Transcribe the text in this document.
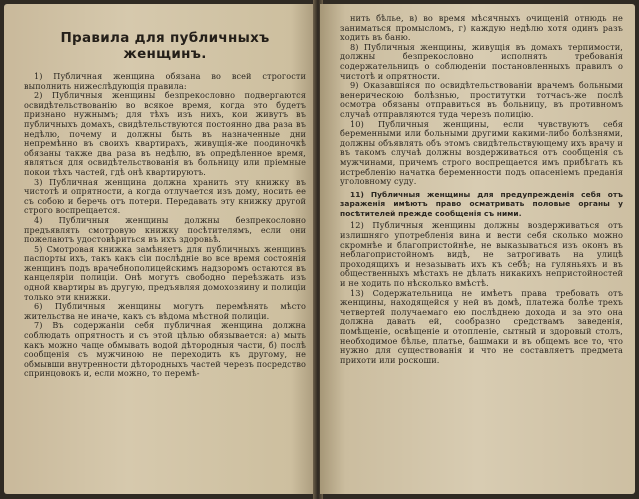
Правила для публичныхъ женщинъ.

1) Публичная женщина обязана во всей строгости выполнить нижеслѣдующія правила:

2) Публичныя женщины безпрекословно подвергаются освидѣтельствованію во всякое время, когда это будетъ признано нужнымъ; для тѣхъ изъ нихъ, кои живутъ въ публичныхъ домахъ, свидѣтельствуются постоянно два раза въ недѣлю, почему и должны быть въ назначенные дни непремѣнно въ своихъ квартирахъ, живущія-же поодиночкѣ обязаны также два раза въ недѣлю, въ опредѣленное время, являться для освидѣтельствованія въ больницу или пріемные покои тѣхъ частей, гдѣ онѣ квартируютъ.

3) Публичная женщина должна хранить эту книжку въ чистотѣ и опрятности, а когда отлучается изъ дому, носить ее съ собою и беречь отъ потери. Передавать эту книжку другой строго воспрещается.

4) Публичныя женщины должны безпрекословно предъявлять смотровую книжку посѣтителямъ, если они пожелаютъ удостовѣриться въ ихъ здоровьѣ.

5) Смотровая книжка замѣняетъ для публичныхъ женщинъ паспорты ихъ, такъ какъ сіи послѣдніе во все время состоянія женщинъ подъ врачебнополицейскимъ надзоромъ остаются въ канцеляріи полиціи. Онѣ могутъ свободно переѣзжать изъ одной квартиры въ другую, предъявляя домохозяину и полиціи только эти книжки.

6) Публичныя женщины могутъ перемѣнять мѣсто жительства не иначе, какъ съ вѣдома мѣстной полиціи.

7) Въ содержаніи себя публичная женщина должна соблюдать опрятность и съ этой цѣлью обязывается: а) мыть какъ можно чаще обмывать водой дѣтородныя части, б) послѣ сообщенія съ мужчиною не переходить къ другому, не обмывши внутренности дѣтородныхъ частей черезъ посредство спринцовокъ и, если можно, то перемѣ-

нить бѣлье, в) во время мѣсячныхъ очищеній отнюдь не заниматься промысломъ, г) каждую недѣлю хотя одинъ разъ ходить въ баню.

8) Публичныя женщины, живущія въ домахъ терпимости, должны безпрекословно исполнять требованія содержательницъ о соблюденіи постановленныхъ правилъ о чистотѣ и опрятности.

9) Оказавшіяся по освидѣтельствованіи врачемъ больными венерическою болѣзнью, проститутки тотчасъ-же послѣ осмотра обязаны отправиться въ больницу, въ противномъ случаѣ отправляются туда черезъ полицію.

10) Публичныя женщины, если чувствуютъ себя беременными или больными другими какими-либо болѣзнями, должны объявлять объ этомъ свидѣтельствующему ихъ врачу и въ такомъ случаѣ должны воздерживаться отъ сообщенія съ мужчинами, причемъ строго воспрещается имъ прибѣгать къ истребленію начатка беременности подъ опасеніемъ преданія уголовному суду.

11) Публичныя женщины для предупрежденія себя отъ зараженія имѣютъ право осматривать половые органы у посѣтителей прежде сообщенія съ ними.

12) Публичныя женщины должны воздерживаться отъ излишняго употребленія вина и вести себя сколько можно скромнѣе и благопристойнѣе, не выказываться изъ оконъ въ неблагопристойномъ видѣ, не затрогивать на улицѣ проходящихъ и незазывать ихъ къ себѣ; на гуляньяхъ и въ общественныхъ мѣстахъ не дѣлать никакихъ непристойностей и не ходить по нѣсколько вмѣстѣ.

13) Содержательница не имѣетъ права требовать отъ женщины, находящейся у ней въ домѣ, платежа болѣе трехъ четвертей получаемаго ею послѣднею дохода и за это она должна давать ей, сообразно средствамъ заведенія, помѣщеніе, освѣщеніе и отопленіе, сытный и здоровый столъ, необходимое бѣлье, платье, башмаки и въ общемъ все то, что нужно для существованія и что не составляетъ предмета прихоти или роскоши.
